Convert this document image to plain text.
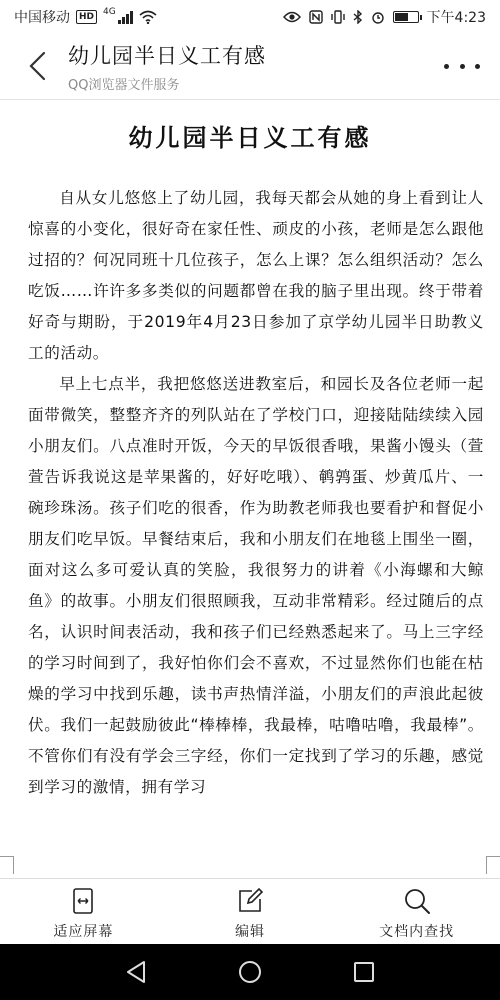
中国移动	HD	4G	下午4:23
幼儿园半日义工有感
QQ浏览器文件服务
幼儿园半日义工有感

自从女儿悠悠上了幼儿园，我每天都会从她的身上看到让人惊喜的小变化，很好奇在家任性、顽皮的小孩，老师是怎么跟他过招的？何况同班十几位孩子，怎么上课？怎么组织活动？怎么吃饭……许许多多类似的问题都曾在我的脑子里出现。终于带着好奇与期盼，于2019年4月23日参加了京学幼儿园半日助教义工的活动。

早上七点半，我把悠悠送进教室后，和园长及各位老师一起面带微笑，整整齐齐的列队站在了学校门口，迎接陆陆续续入园小朋友们。八点准时开饭，今天的早饭很香哦，果酱小馒头（萱萱告诉我说这是苹果酱的，好好吃哦）、鹌鹑蛋、炒黄瓜片、一碗珍珠汤。孩子们吃的很香，作为助教老师我也要看护和督促小朋友们吃早饭。早餐结束后，我和小朋友们在地毯上围坐一圈，面对这么多可爱认真的笑脸，我很努力的讲着《小海螺和大鲸鱼》的故事。小朋友们很照顾我，互动非常精彩。经过随后的点名，认识时间表活动，我和孩子们已经熟悉起来了。马上三字经的学习时间到了，我好怕你们会不喜欢，不过显然你们也能在枯燥的学习中找到乐趣，读书声热情洋溢，小朋友们的声浪此起彼伏。我们一起鼓励彼此“棒棒棒，我最棒，咕噜咕噜，我最棒”。不管你们有没有学会三字经，你们一定找到了学习的乐趣，感觉到学习的激情，拥有学习

适应屏幕	编辑	文档内查找
